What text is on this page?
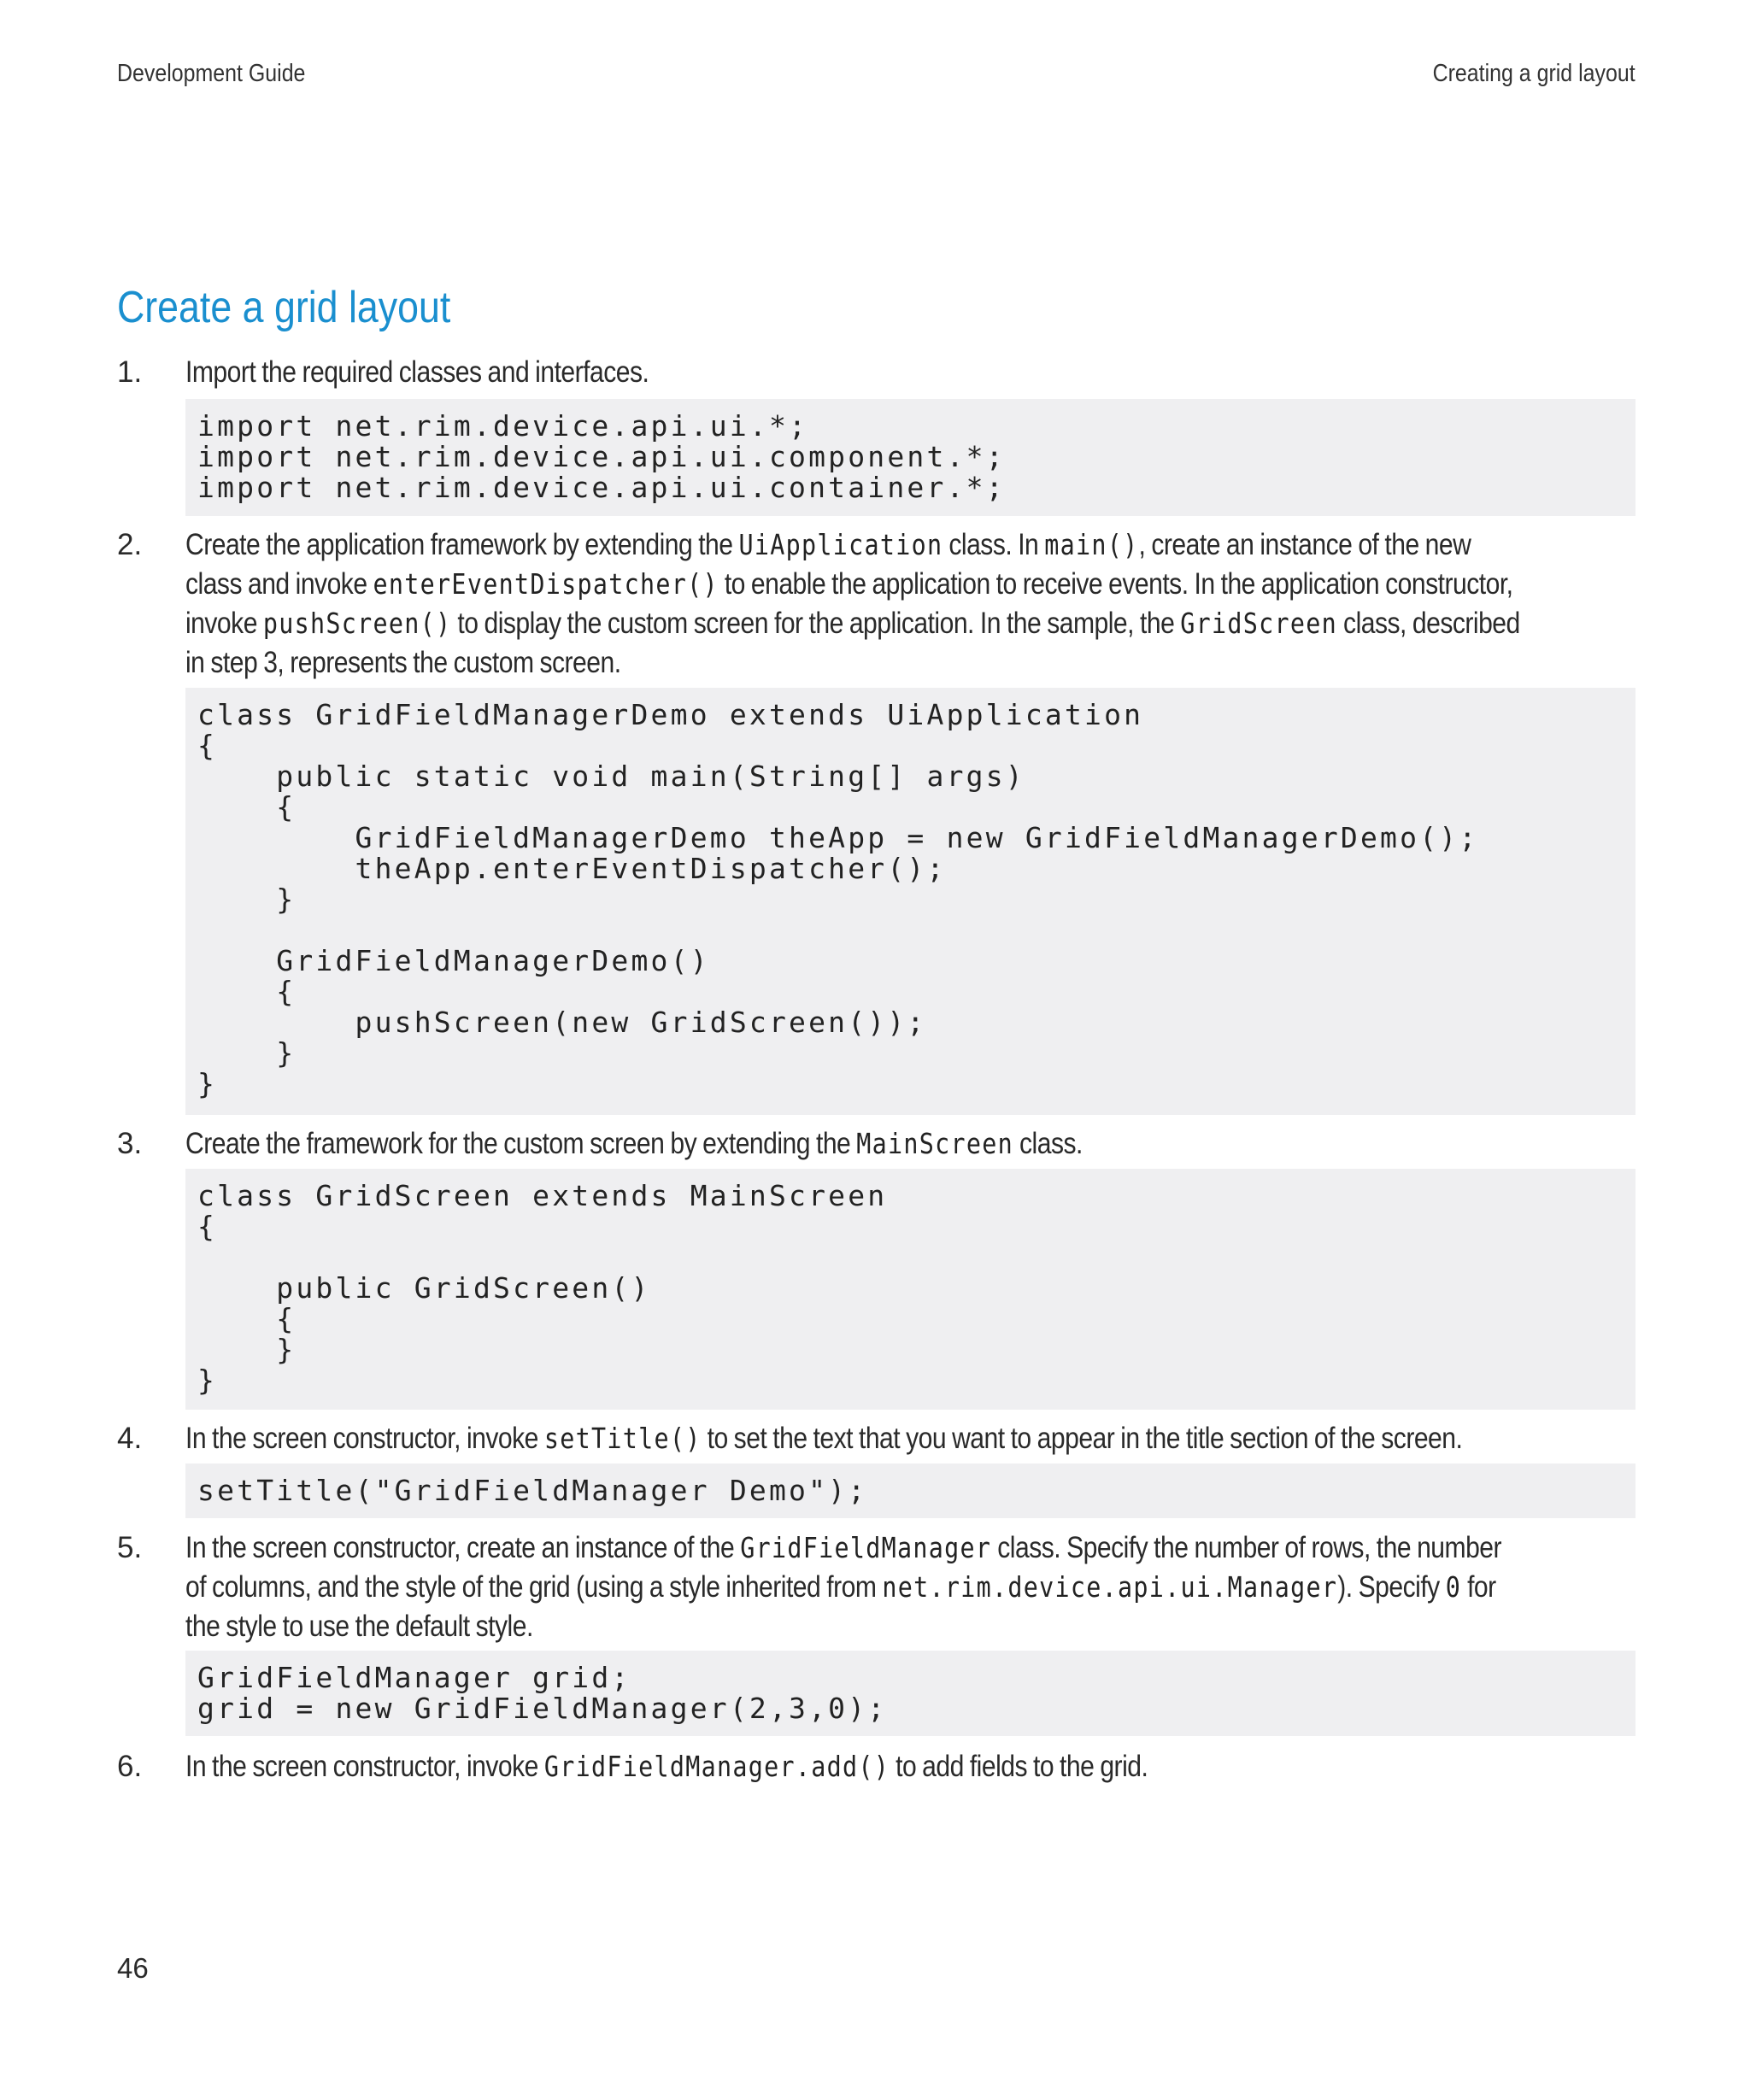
Development Guide	Creating a grid layout
Create a grid layout
1. Import the required classes and interfaces.
import net.rim.device.api.ui.*;
import net.rim.device.api.ui.component.*;
import net.rim.device.api.ui.container.*;
2. Create the application framework by extending the UiApplication class. In main(), create an instance of the new
class and invoke enterEventDispatcher() to enable the application to receive events. In the application constructor,
invoke pushScreen() to display the custom screen for the application. In the sample, the GridScreen class, described
in step 3, represents the custom screen.
class GridFieldManagerDemo extends UiApplication
{
public static void main(String[] args)
{
GridFieldManagerDemo theApp = new GridFieldManagerDemo();
theApp.enterEventDispatcher();
}

GridFieldManagerDemo()
{
pushScreen(new GridScreen());
}
}
3. Create the framework for the custom screen by extending the MainScreen class.
class GridScreen extends MainScreen
{

public GridScreen()
{
}
}
4. In the screen constructor, invoke setTitle() to set the text that you want to appear in the title section of the screen.
setTitle("GridFieldManager Demo");
5. In the screen constructor, create an instance of the GridFieldManager class. Specify the number of rows, the number
of columns, and the style of the grid (using a style inherited from net.rim.device.api.ui.Manager). Specify 0 for
the style to use the default style.
GridFieldManager grid;
grid = new GridFieldManager(2,3,0);
6. In the screen constructor, invoke GridFieldManager.add() to add fields to the grid.
46
